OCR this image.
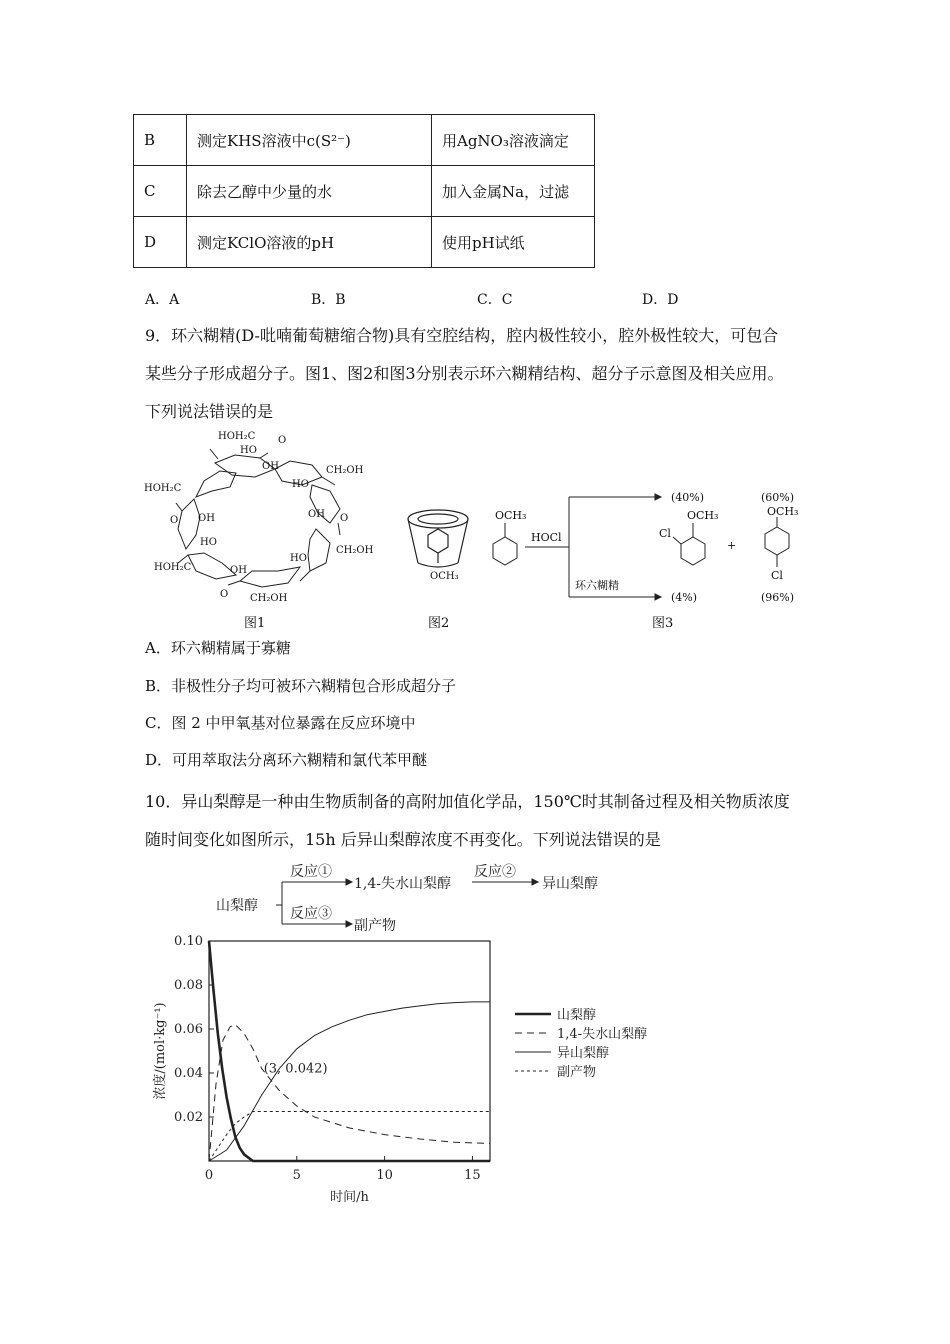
B	测定KHS溶液中c(S²⁻)	用AgNO₃溶液滴定
C	除去乙醇中少量的水	加入金属Na，过滤
D	测定KClO溶液的pH	使用pH试纸
A．A	B．B	C．C	D．D
9．环六糊精(D-吡喃葡萄糖缩合物)具有空腔结构，腔内极性较小，腔外极性较大，可包合
某些分子形成超分子。图1、图2和图3分别表示环六糊精结构、超分子示意图及相关应用。
下列说法错误的是
HOH₂C
HOH₂C
HOH₂C
CH₂OH
CH₂OH
CH₂OH
HO
OH
HO
OH
HO
OH
HO
OH
O
O
O
O
图1
OCH₃
图2
OCH₃
HOCl
环六糊精
(40%)
(4%)
(60%)
(96%)
OCH₃
Cl
+
OCH₃
Cl
图3
A．环六糊精属于寡糖
B．非极性分子均可被环六糊精包合形成超分子
C．图 2 中甲氧基对位暴露在反应环境中
D．可用萃取法分离环六糊精和氯代苯甲醚
10．异山梨醇是一种由生物质制备的高附加值化学品，150℃时其制备过程及相关物质浓度
随时间变化如图所示，15h 后异山梨醇浓度不再变化。下列说法错误的是
山梨醇
反应①
1,4-失水山梨醇
反应②
异山梨醇
反应③
副产物
0	5	10	15
0.02
0.04
0.06
0.08
0.10
时间/h
浓度/(mol·kg⁻¹)	山梨醇
1,4-失水山梨醇
异山梨醇
副产物
(3, 0.042)
